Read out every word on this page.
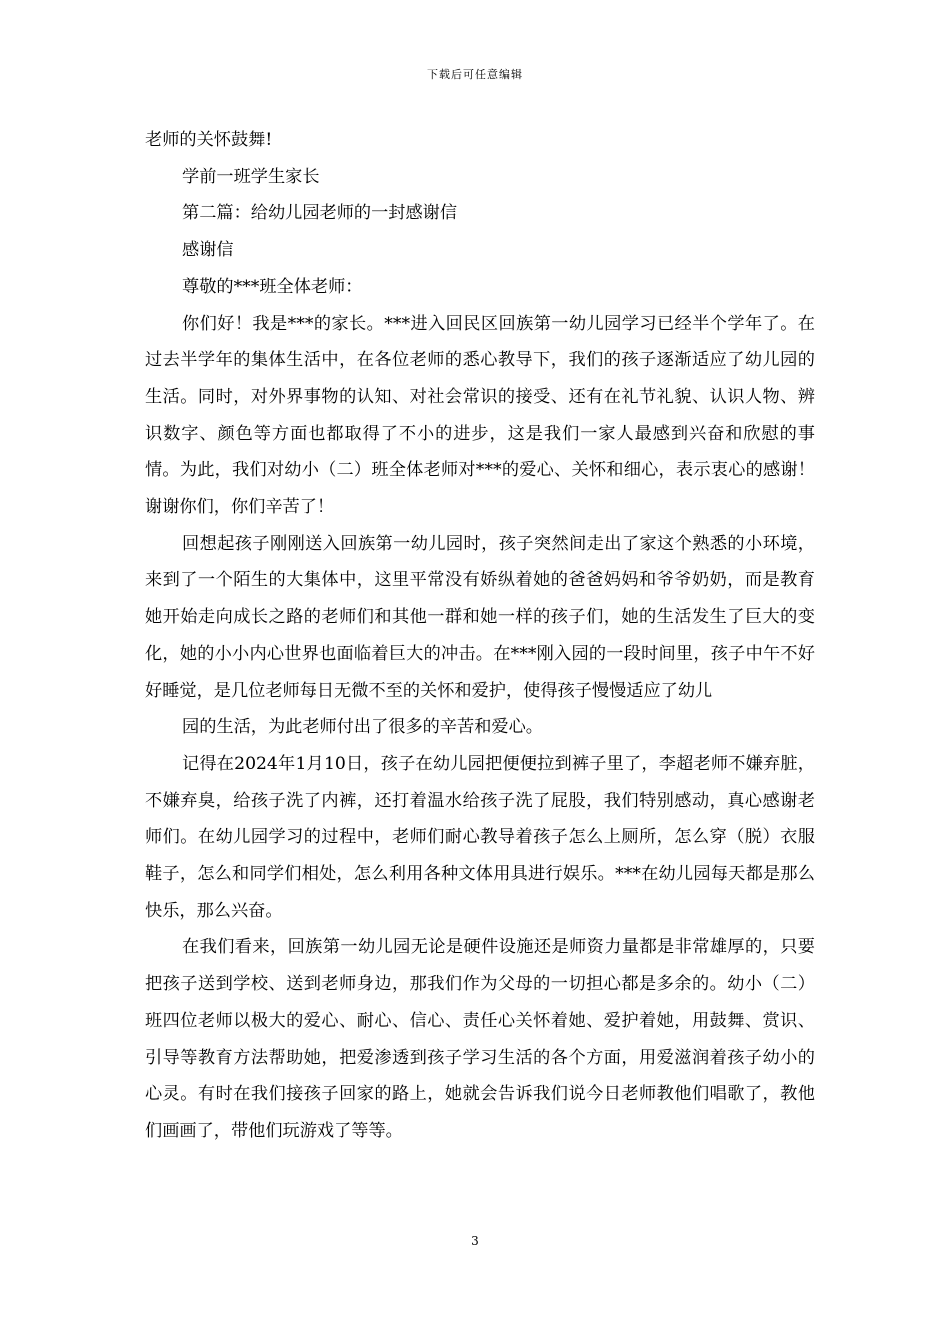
下载后可任意编辑

老师的关怀鼓舞!

学前一班学生家长

第二篇：给幼儿园老师的一封感谢信

感谢信

尊敬的***班全体老师：

你们好！我是***的家长。***进入回民区回族第一幼儿园学习已经半个学年了。在过去半学年的集体生活中，在各位老师的悉心教导下，我们的孩子逐渐适应了幼儿园的生活。同时，对外界事物的认知、对社会常识的接受、还有在礼节礼貌、认识人物、辨识数字、颜色等方面也都取得了不小的进步，这是我们一家人最感到兴奋和欣慰的事情。为此，我们对幼小（二）班全体老师对***的爱心、关怀和细心，表示衷心的感谢！谢谢你们，你们辛苦了！

回想起孩子刚刚送入回族第一幼儿园时，孩子突然间走出了家这个熟悉的小环境，来到了一个陌生的大集体中，这里平常没有娇纵着她的爸爸妈妈和爷爷奶奶，而是教育她开始走向成长之路的老师们和其他一群和她一样的孩子们，她的生活发生了巨大的变化，她的小小内心世界也面临着巨大的冲击。在***刚入园的一段时间里，孩子中午不好好睡觉，是几位老师每日无微不至的关怀和爱护，使得孩子慢慢适应了幼儿

园的生活，为此老师付出了很多的辛苦和爱心。

记得在2024年1月10日，孩子在幼儿园把便便拉到裤子里了，李超老师不嫌弃脏，不嫌弃臭，给孩子洗了内裤，还打着温水给孩子洗了屁股，我们特别感动，真心感谢老师们。在幼儿园学习的过程中，老师们耐心教导着孩子怎么上厕所，怎么穿（脱）衣服鞋子，怎么和同学们相处，怎么利用各种文体用具进行娱乐。***在幼儿园每天都是那么快乐，那么兴奋。

在我们看来，回族第一幼儿园无论是硬件设施还是师资力量都是非常雄厚的，只要把孩子送到学校、送到老师身边，那我们作为父母的一切担心都是多余的。幼小（二）班四位老师以极大的爱心、耐心、信心、责任心关怀着她、爱护着她，用鼓舞、赏识、引导等教育方法帮助她，把爱渗透到孩子学习生活的各个方面，用爱滋润着孩子幼小的心灵。有时在我们接孩子回家的路上，她就会告诉我们说今日老师教他们唱歌了，教他们画画了，带他们玩游戏了等等。

3
